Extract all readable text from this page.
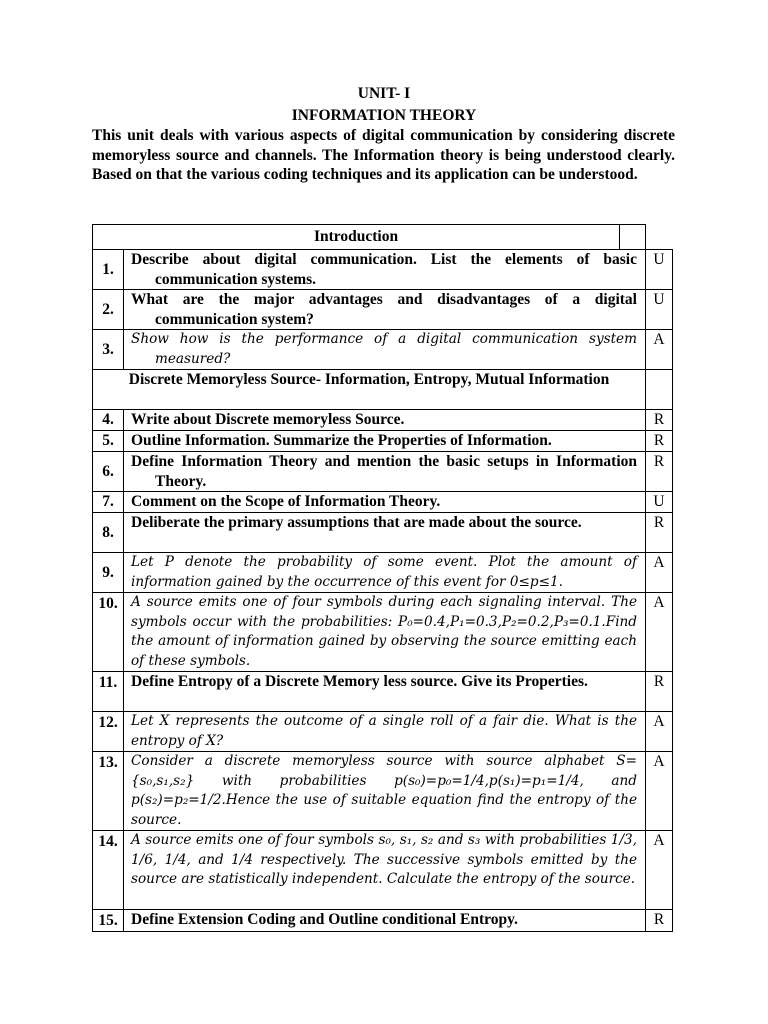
UNIT- I
INFORMATION THEORY

This unit deals with various aspects of digital communication by considering discrete memoryless source and channels. The Information theory is being understood clearly. Based on that the various coding techniques and its application can be understood.

Introduction			
1.	Describe about digital communication. List the elements of basic communication systems.		U
2.	What are the major advantages and disadvantages of a digital communication system?		U
3.	Show how is the performance of a digital communication system measured?		A
Discrete Memoryless Source- Information, Entropy, Mutual Information			
4.	Write about Discrete memoryless Source.		R
5.	Outline Information. Summarize the Properties of Information.		R
6.	Define Information Theory and mention the basic setups in Information Theory.		R
7.	Comment on the Scope of Information Theory.		U
8.	Deliberate the primary assumptions that are made about the source.		R
9.	Let P denote the probability of some event. Plot the amount of information gained by the occurrence of this event for 0≤p≤1.		A
10.	A source emits one of four symbols during each signaling interval. The symbols occur with the probabilities: P₀=0.4,P₁=0.3,P₂=0.2,P₃=0.1.Find the amount of information gained by observing the source emitting each of these symbols.		A
11.	Define Entropy of a Discrete Memory less source. Give its Properties.		R
12.	Let X represents the outcome of a single roll of a fair die. What is the entropy of X?		A
13.	Consider a discrete memoryless source with source alphabet S={s₀,s₁,s₂} with probabilities p(s₀)=p₀=1/4,p(s₁)=p₁=1/4, and p(s₂)=p₂=1/2.Hence the use of suitable equation find the entropy of the source.		A
14.	A source emits one of four symbols s₀, s₁, s₂ and s₃ with probabilities 1/3, 1/6, 1/4, and 1/4 respectively. The successive symbols emitted by the source are statistically independent. Calculate the entropy of the source.		A
15.	Define Extension Coding and Outline conditional Entropy.		R
